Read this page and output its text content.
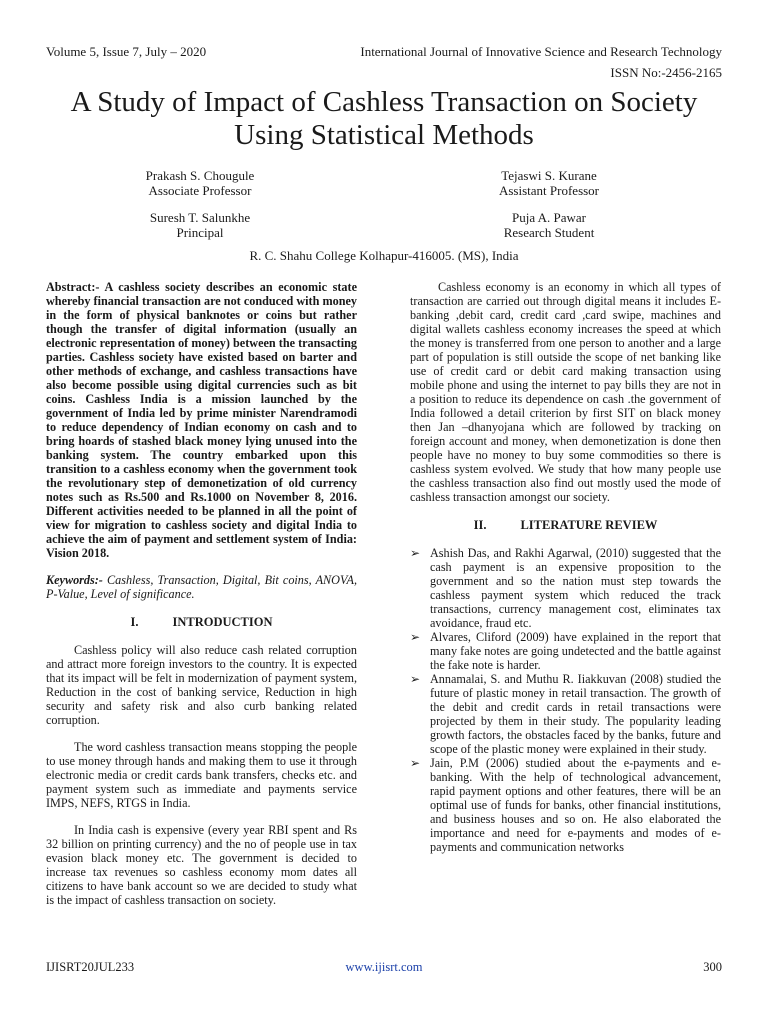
Volume 5, Issue 7, July – 2020	International Journal of Innovative Science and Research Technology
ISSN No:-2456-2165
A Study of Impact of Cashless Transaction on Society Using Statistical Methods
Prakash S. Chougule
Associate Professor
Tejaswi S. Kurane
Assistant Professor
Suresh T. Salunkhe
Principal
Puja A. Pawar
Research Student
R. C. Shahu College Kolhapur-416005. (MS), India

Abstract:- A cashless society describes an economic state whereby financial transaction are not conduced with money in the form of physical banknotes or coins but rather though the transfer of digital information (usually an electronic representation of money) between the transacting parties. Cashless society have existed based on barter and other methods of exchange, and cashless transactions have also become possible using digital currencies such as bit coins. Cashless India is a mission launched by the government of India led by prime minister Narendramodi to reduce dependency of Indian economy on cash and to bring hoards of stashed black money lying unused into the banking system. The country embarked upon this transition to a cashless economy when the government took the revolutionary step of demonetization of old currency notes such as Rs.500 and Rs.1000 on November 8, 2016. Different activities needed to be planned in all the point of view for migration to cashless society and digital India to achieve the aim of payment and settlement system of India: Vision 2018.

Keywords:- Cashless, Transaction, Digital, Bit coins, ANOVA, P-Value, Level of significance.

I.	INTRODUCTION

Cashless policy will also reduce cash related corruption and attract more foreign investors to the country. It is expected that its impact will be felt in modernization of payment system, Reduction in the cost of banking service, Reduction in high security and safety risk and also curb banking related corruption.

The word cashless transaction means stopping the people to use money through hands and making them to use it through electronic media or credit cards bank transfers, checks etc. and payment system such as immediate and payments service IMPS, NEFS, RTGS in India.

In India cash is expensive (every year RBI spent and Rs 32 billion on printing currency) and the no of people use in tax evasion black money etc. The government is decided to increase tax revenues so cashless economy mom dates all citizens to have bank account so we are decided to study what is the impact of cashless transaction on society.

Cashless economy is an economy in which all types of transaction are carried out through digital means it includes E- banking ,debit card, credit card ,card swipe, machines and digital wallets cashless economy increases the speed at which the money is transferred from one person to another and a large part of population is still outside the scope of net banking like use of credit card or debit card making transaction using mobile phone and using the internet to pay bills they are not in a position to reduce its dependence on cash .the government of India followed a detail criterion by first SIT on black money then Jan –dhanyojana which are followed by tracking on foreign account and money, when demonetization is done then people have no money to buy some commodities so there is cashless system evolved. We study that how many people use the cashless transaction also find out mostly used the mode of cashless transaction amongst our society.

II.	LITERATURE REVIEW

➢ Ashish Das, and Rakhi Agarwal, (2010) suggested that the cash payment is an expensive proposition to the government and so the nation must step towards the cashless payment system which reduced the track transactions, currency management cost, eliminates tax avoidance, fraud etc.
➢ Alvares, Cliford (2009) have explained in the report that many fake notes are going undetected and the battle against the fake note is harder.
➢ Annamalai, S. and Muthu R. Iiakkuvan (2008) studied the future of plastic money in retail transaction. The growth of the debit and credit cards in retail transactions were projected by them in their study. The popularity leading growth factors, the obstacles faced by the banks, future and scope of the plastic money were explained in their study.
➢ Jain, P.M (2006) studied about the e-payments and e-banking. With the help of technological advancement, rapid payment options and other features, there will be an optimal use of funds for banks, other financial institutions, and business houses and so on. He also elaborated the importance and need for e-payments and modes of e-payments and communication networks
IJISRT20JUL233	www.ijisrt.com	300
